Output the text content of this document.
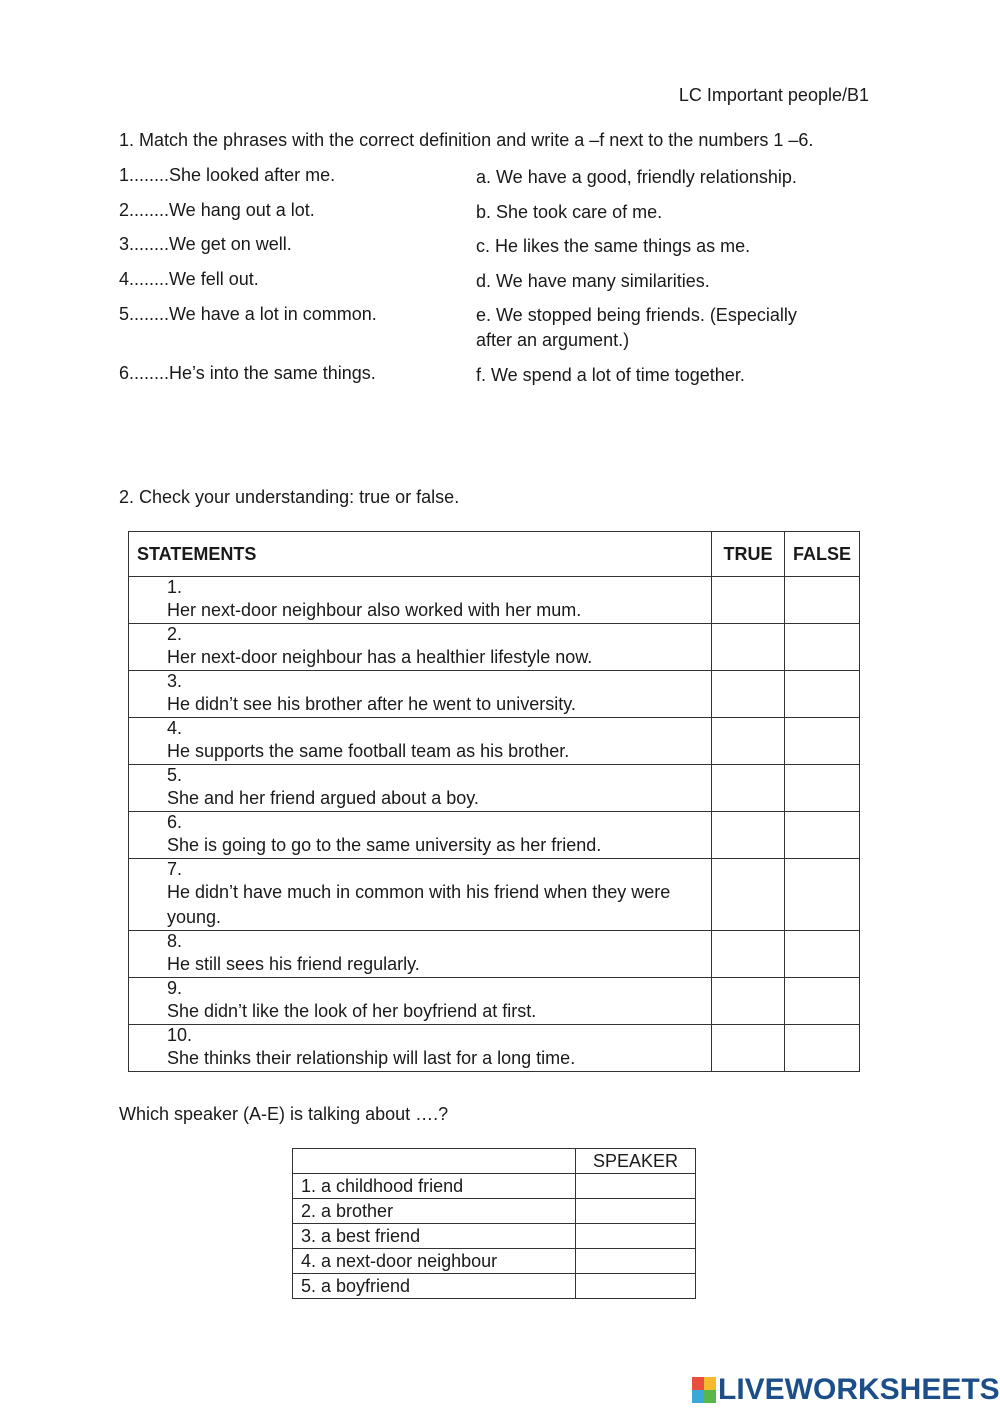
LC Important people/B1
1. Match the phrases with the correct definition and write a –f next to the numbers 1 –6.
1........She looked after me.	a. We have a good, friendly relationship.
2........We hang out a lot.	b. She took care of me.
3........We get on well.	c. He likes the same things as me.
4........We fell out.	d. We have many similarities.
5........We have a lot in common.	e. We stopped being friends. (Especially after an argument.)
6........He’s into the same things.	f. We spend a lot of time together.
2. Check your understanding: true or false.
STATEMENTS	TRUE	FALSE
1.Her next-door neighbour also worked with her mum.		
2.Her next-door neighbour has a healthier lifestyle now.		
3.He didn’t see his brother after he went to university.		
4.He supports the same football team as his brother.		
5.She and her friend argued about a boy.		
6.She is going to go to the same university as her friend.		
7.He didn’t have much in common with his friend when they were young.		
8.He still sees his friend regularly.		
9.She didn’t like the look of her boyfriend at first.		
10.She thinks their relationship will last for a long time.		
Which speaker (A-E) is talking about ….?
	SPEAKER
1. a childhood friend	
2. a brother	
3. a best friend	
4. a next-door neighbour	
5. a boyfriend	
LIVEWORKSHEETS
